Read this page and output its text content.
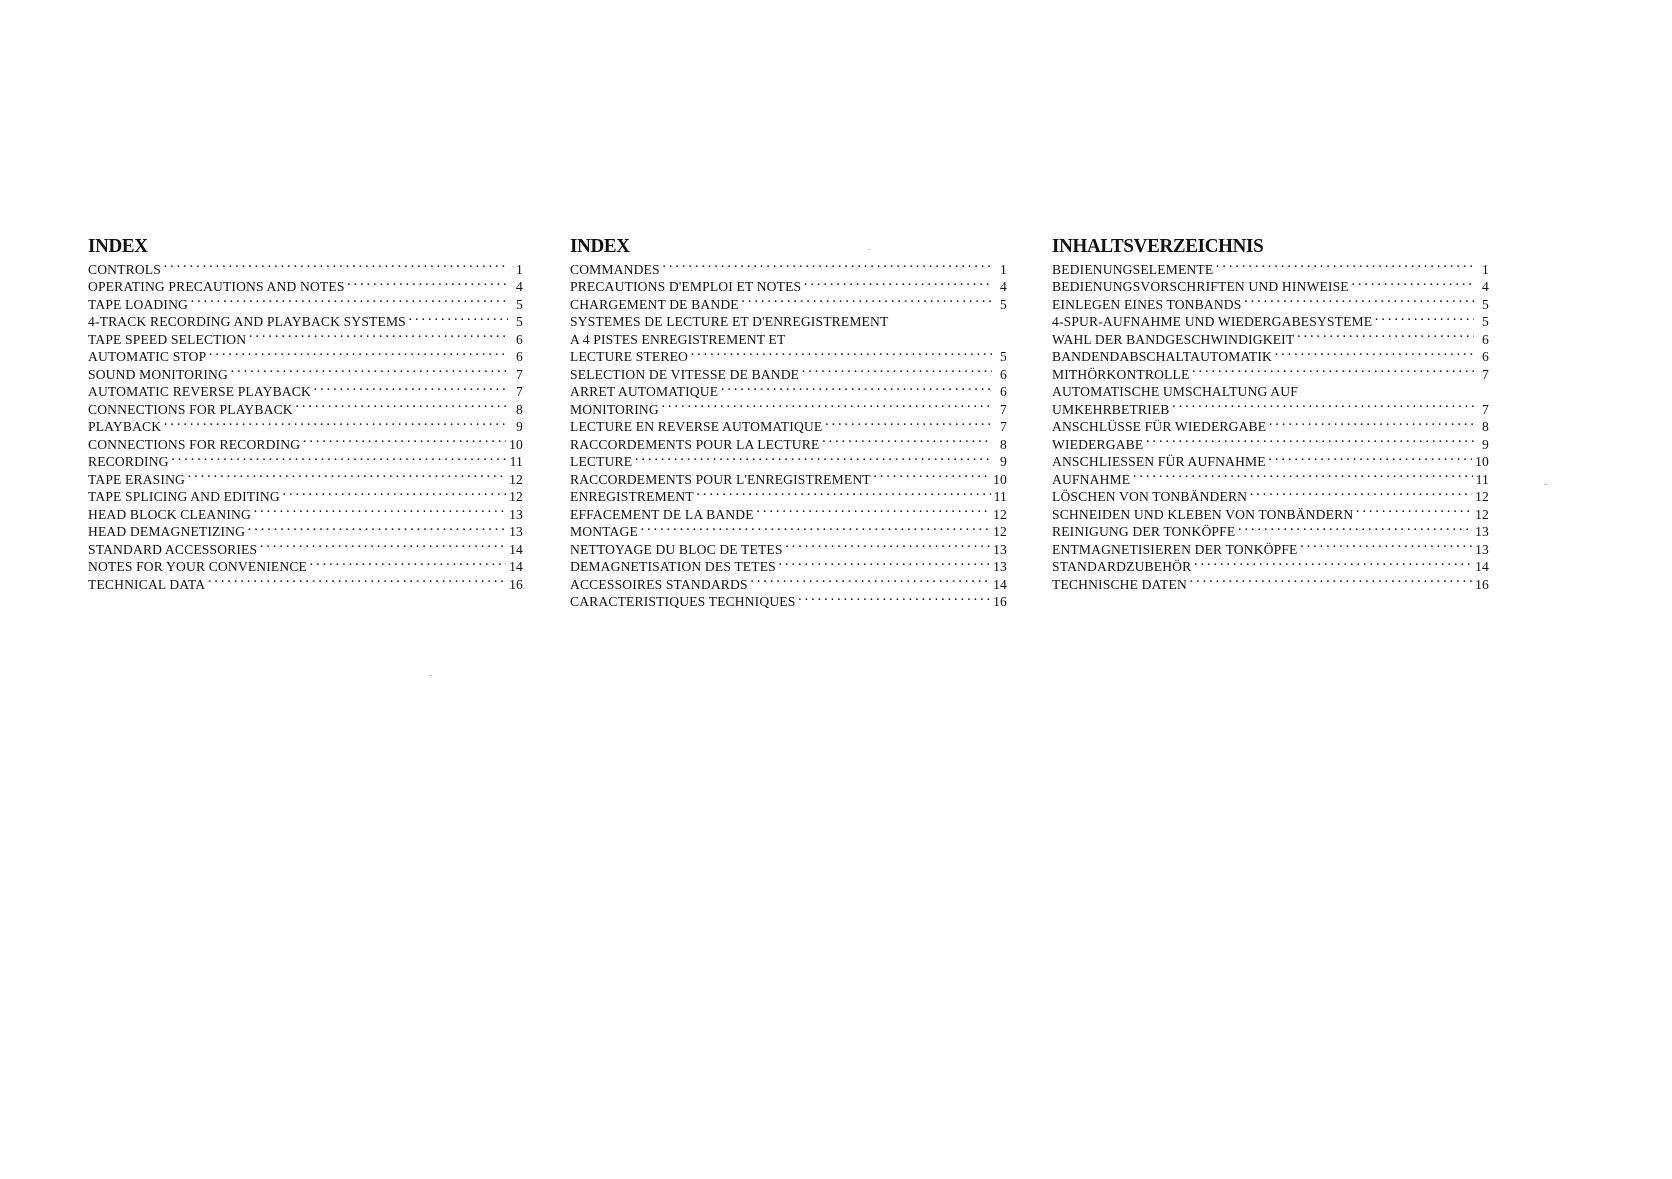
INDEX
CONTROLS . . .	1
OPERATING PRECAUTIONS AND NOTES . . .	4
TAPE LOADING . . .	5
4-TRACK RECORDING AND PLAYBACK SYSTEMS . . .	5
TAPE SPEED SELECTION . . .	6
AUTOMATIC STOP . . .	6
SOUND MONITORING . . .	7
AUTOMATIC REVERSE PLAYBACK . . .	7
CONNECTIONS FOR PLAYBACK . . .	8
PLAYBACK . . .	9
CONNECTIONS FOR RECORDING . . .	10
RECORDING . . .	11
TAPE ERASING . . .	12
TAPE SPLICING AND EDITING . . .	12
HEAD BLOCK CLEANING . . .	13
HEAD DEMAGNETIZING . . .	13
STANDARD ACCESSORIES . . .	14
NOTES FOR YOUR CONVENIENCE . . .	14
TECHNICAL DATA . . .	16
INDEX
COMMANDES . . .	1
PRECAUTIONS D'EMPLOI ET NOTES . . .	4
CHARGEMENT DE BANDE . . .	5
SYSTEMES DE LECTURE ET D'ENREGISTREMENT
A 4 PISTES ENREGISTREMENT ET
LECTURE STEREO . . .	5
SELECTION DE VITESSE DE BANDE . . .	6
ARRET AUTOMATIQUE . . .	6
MONITORING . . .	7
LECTURE EN REVERSE AUTOMATIQUE . . .	7
RACCORDEMENTS POUR LA LECTURE . . .	8
LECTURE . . .	9
RACCORDEMENTS POUR L'ENREGISTREMENT . . .	10
ENREGISTREMENT . . .	11
EFFACEMENT DE LA BANDE . . .	12
MONTAGE . . .	12
NETTOYAGE DU BLOC DE TETES . . .	13
DEMAGNETISATION DES TETES . . .	13
ACCESSOIRES STANDARDS . . .	14
CARACTERISTIQUES TECHNIQUES . . .	16
INHALTSVERZEICHNIS
BEDIENUNGSELEMENTE . . .	1
BEDIENUNGSVORSCHRIFTEN UND HINWEISE . . .	4
EINLEGEN EINES TONBANDS . . .	5
4-SPUR-AUFNAHME UND WIEDERGABESYSTEME . . .	5
WAHL DER BANDGESCHWINDIGKEIT . . .	6
BANDENDABSCHALTAUTOMATIK . . .	6
MITHÖRKONTROLLE . . .	7
AUTOMATISCHE UMSCHALTUNG AUF
UMKEHRBETRIEB . . .	7
ANSCHLÜSSE FÜR WIEDERGABE . . .	8
WIEDERGABE . . .	9
ANSCHLIESSEN FÜR AUFNAHME . . .	10
AUFNAHME . . .	11
LÖSCHEN VON TONBÄNDERN . . .	12
SCHNEIDEN UND KLEBEN VON TONBÄNDERN . . .	12
REINIGUNG DER TONKÖPFE . . .	13
ENTMAGNETISIEREN DER TONKÖPFE . . .	13
STANDARDZUBEHÖR . . .	14
TECHNISCHE DATEN . . .	16
